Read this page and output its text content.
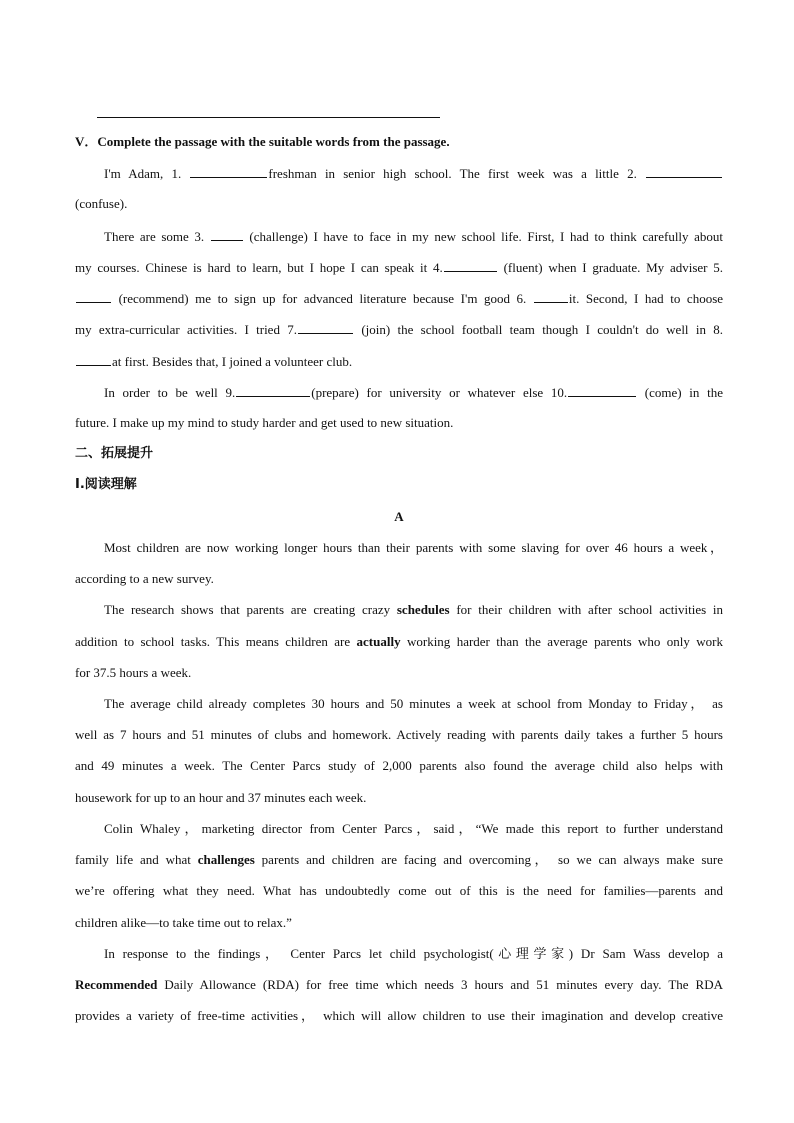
V．Complete the passage with the suitable words from the passage.
I'm Adam, 1.	freshman in senior high school. The first week was a little 2.
(confuse).
There are some 3.	(challenge) I have to face in my new school life. First, I had to think carefully about
my courses. Chinese is hard to learn, but I hope I can speak it 4.	(fluent) when I graduate. My adviser 5.
(recommend) me to sign up for advanced literature because I'm good 6.	it. Second, I had to choose
my extra-curricular activities. I tried 7.	(join) the school football team though I couldn't do well in 8.
at first. Besides that, I joined a volunteer club.
In order to be well 9.	(prepare) for university or whatever else 10.	(come) in the
future. I make up my mind to study harder and get used to new situation.
二、拓展提升
I.阅读理解
A
Most children are now working longer hours than their parents with some slaving for over 46 hours a week，
according to a new survey.
The research shows that parents are creating crazy schedules for their children with after school activities in
addition to school tasks. This means children are actually working harder than the average parents who only work
for 37.5 hours a week.
The average child already completes 30 hours and 50 minutes a week at school from Monday to Friday， as
well as 7 hours and 51 minutes of clubs and homework. Actively reading with parents daily takes a further 5 hours
and 49 minutes a week. The Center Parcs study of 2,000 parents also found the average child also helps with
housework for up to an hour and 37 minutes each week.
Colin Whaley，marketing director from Center Parcs，said，“We made this report to further understand
family life and what challenges parents and children are facing and overcoming， so we can always make sure
we’re offering what they need. What has undoubtedly come out of this is the need for families—parents and
children alike—to take time out to relax.”
In response to the findings， Center Parcs let child psychologist(心理学家) Dr Sam Wass develop a
Recommended Daily Allowance (RDA) for free time which needs 3 hours and 51 minutes every day. The RDA
provides a variety of free-time activities， which will allow children to use their imagination and develop creative
